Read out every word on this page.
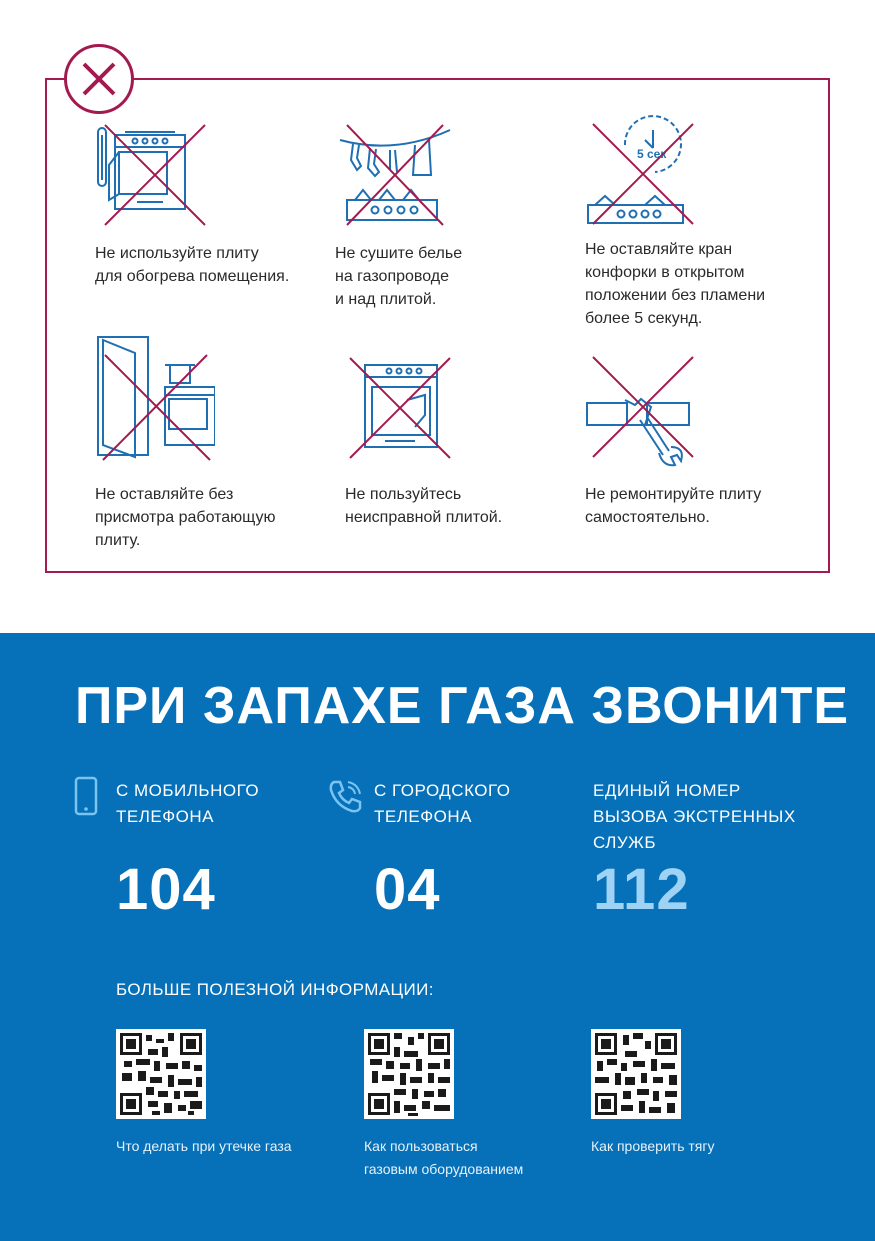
Не используйте плиту
для обогрева помещения.
Не сушите белье
на газопроводе
и над плитой.
5 сек
Не оставляйте кран
конфорки в открытом
положении без пламени
более 5 секунд.
Не оставляйте без
присмотра работающую
плиту.
Не пользуйтесь
неисправной плитой.
Не ремонтируйте плиту
самостоятельно.
ПРИ ЗАПАХЕ ГАЗА ЗВОНИТЕ
С МОБИЛЬНОГО
ТЕЛЕФОНА
104
С ГОРОДСКОГО
ТЕЛЕФОНА
04
ЕДИНЫЙ НОМЕР
ВЫЗОВА ЭКСТРЕННЫХ
СЛУЖБ
112
БОЛЬШЕ ПОЛЕЗНОЙ ИНФОРМАЦИИ:
Что делать при утечке газа	Как пользоваться
газовым оборудованием
Как проверить тягу
